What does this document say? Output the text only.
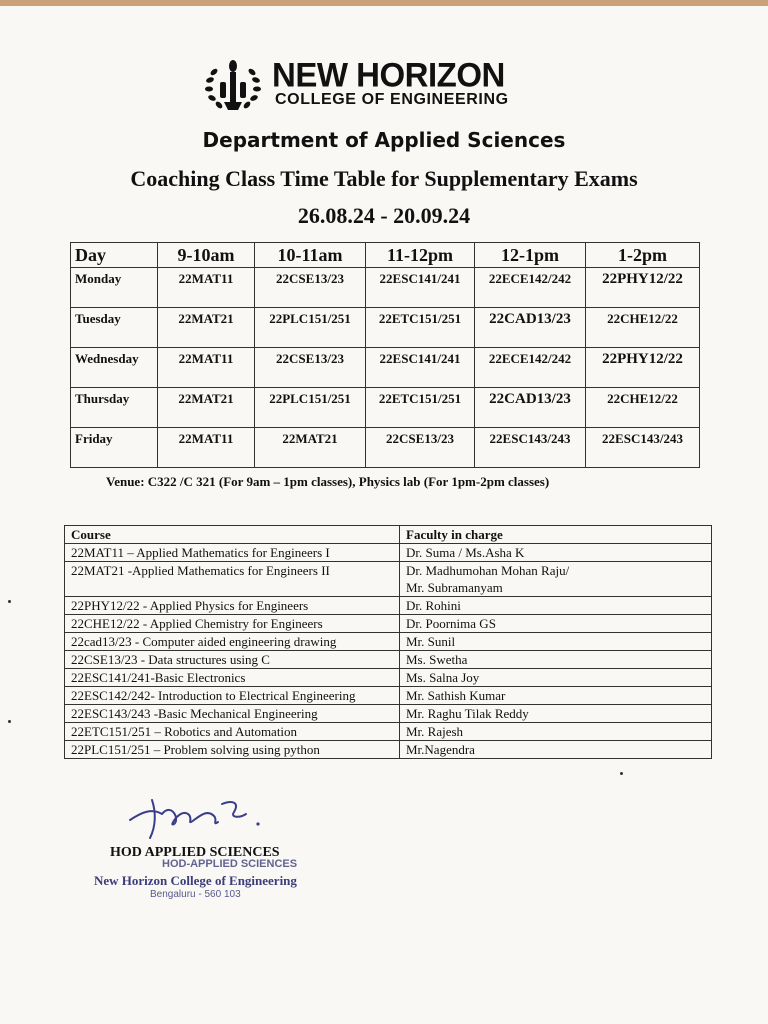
NEW HORIZON
COLLEGE OF ENGINEERING
Department of Applied Sciences
Coaching Class Time Table for Supplementary Exams
26.08.24 - 20.09.24
Day	9-10am	10-11am	11-12pm	12-1pm	1-2pm
Monday	22MAT11	22CSE13/23	22ESC141/241	22ECE142/242	22PHY12/22
Tuesday	22MAT21	22PLC151/251	22ETC151/251	22CAD13/23	22CHE12/22
Wednesday	22MAT11	22CSE13/23	22ESC141/241	22ECE142/242	22PHY12/22
Thursday	22MAT21	22PLC151/251	22ETC151/251	22CAD13/23	22CHE12/22
Friday	22MAT11	22MAT21	22CSE13/23	22ESC143/243	22ESC143/243
Venue: C322 /C 321 (For 9am – 1pm classes), Physics lab (For 1pm-2pm classes)
Course	Faculty in charge
22MAT11 – Applied Mathematics for Engineers I	Dr. Suma / Ms.Asha K
22MAT21 -Applied Mathematics for Engineers II	Dr. Madhumohan Mohan Raju/
Mr. Subramanyam

22PHY12/22 - Applied Physics for Engineers	Dr. Rohini
22CHE12/22 - Applied Chemistry for Engineers	Dr. Poornima GS
22cad13/23 - Computer aided engineering drawing	Mr. Sunil
22CSE13/23 - Data structures using C	Ms. Swetha
22ESC141/241-Basic Electronics	Ms. Salna Joy
22ESC142/242- Introduction to Electrical Engineering	Mr. Sathish Kumar
22ESC143/243 -Basic Mechanical Engineering	Mr. Raghu Tilak Reddy
22ETC151/251 – Robotics and Automation	Mr. Rajesh
22PLC151/251 – Problem solving using python	Mr.Nagendra
HOD APPLIED SCIENCES
HOD-APPLIED SCIENCES
New Horizon College of Engineering
Bengaluru - 560 103
